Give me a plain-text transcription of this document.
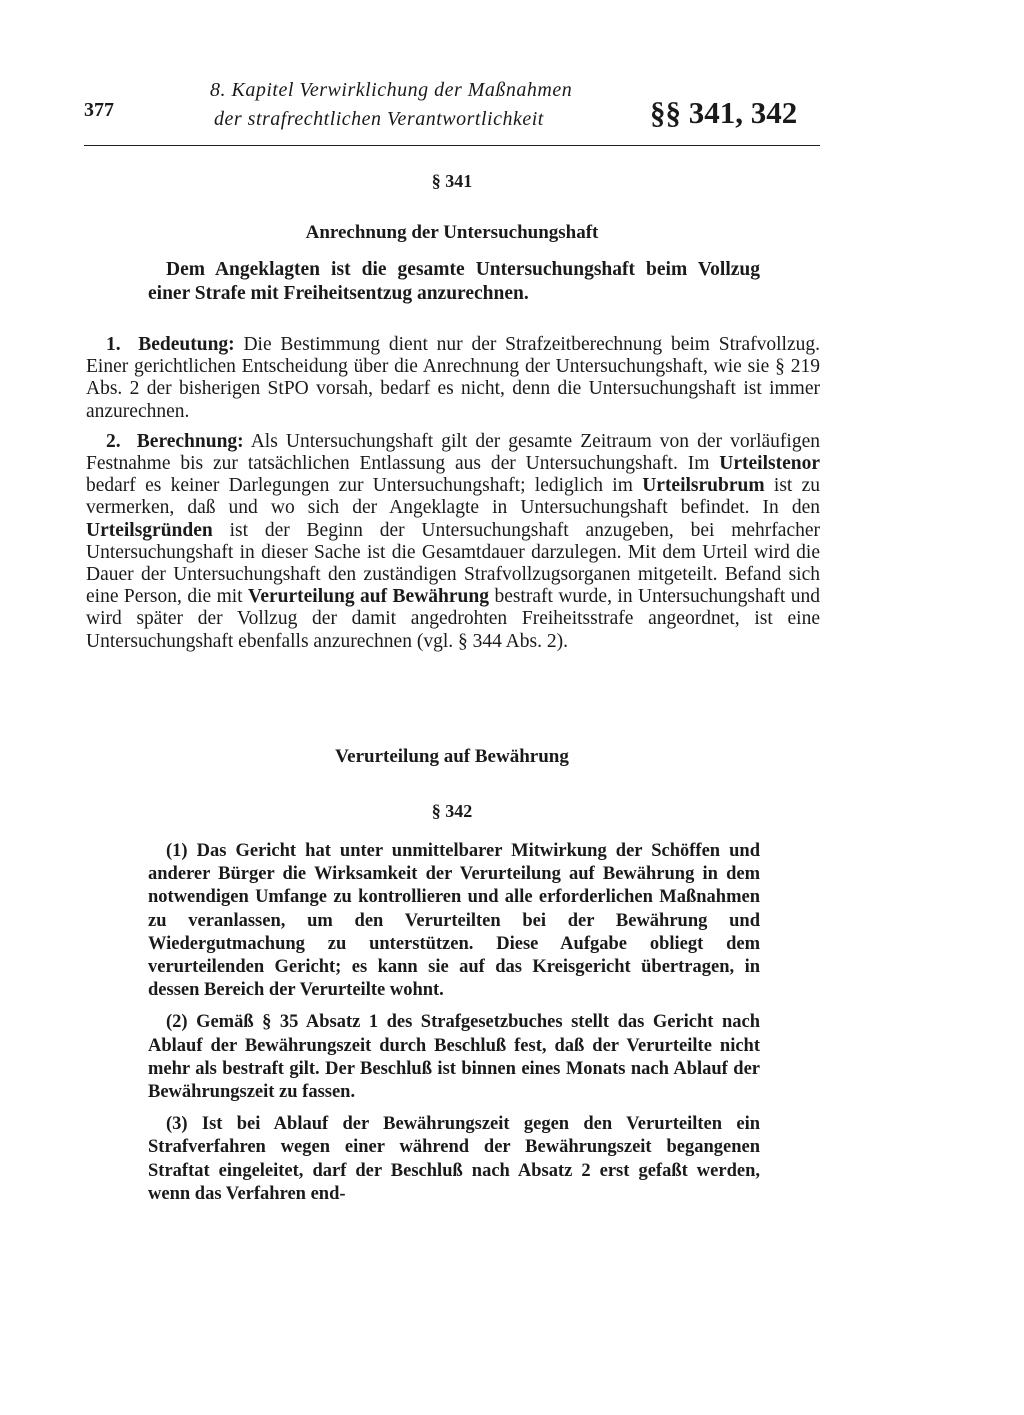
377
8. Kapitel Verwirklichung der Maßnahmen
der strafrechtlichen Verantwortlichkeit	§§ 341, 342
§ 341
Anrechnung der Untersuchungshaft

Dem Angeklagten ist die gesamte Untersuchungshaft beim Vollzug einer Strafe mit Freiheitsentzug anzurechnen.

1. Bedeutung: Die Bestimmung dient nur der Strafzeitberechnung beim Strafvollzug. Einer gerichtlichen Entscheidung über die Anrechnung der Untersuchungshaft, wie sie § 219 Abs. 2 der bisherigen StPO vorsah, bedarf es nicht, denn die Untersuchungshaft ist immer anzurechnen.

2. Berechnung: Als Untersuchungshaft gilt der gesamte Zeitraum von der vorläufigen Festnahme bis zur tatsächlichen Entlassung aus der Untersuchungshaft. Im Urteilstenor bedarf es keiner Darlegungen zur Untersuchungshaft; lediglich im Urteilsrubrum ist zu vermerken, daß und wo sich der Angeklagte in Untersuchungshaft befindet. In den Urteilsgründen ist der Beginn der Untersuchungshaft anzugeben, bei mehrfacher Untersuchungshaft in dieser Sache ist die Gesamtdauer darzulegen. Mit dem Urteil wird die Dauer der Untersuchungshaft den zuständigen Strafvollzugsorganen mitgeteilt. Befand sich eine Person, die mit Verurteilung auf Bewährung bestraft wurde, in Untersuchungshaft und wird später der Vollzug der damit angedrohten Freiheitsstrafe angeordnet, ist eine Untersuchungshaft ebenfalls anzurechnen (vgl. § 344 Abs. 2).

Verurteilung auf Bewährung
§ 342

(1) Das Gericht hat unter unmittelbarer Mitwirkung der Schöffen und anderer Bürger die Wirksamkeit der Verurteilung auf Bewährung in dem notwendigen Umfange zu kontrollieren und alle erforderlichen Maßnahmen zu veranlassen, um den Verurteilten bei der Bewährung und Wiedergutmachung zu unterstützen. Diese Aufgabe obliegt dem verurteilenden Gericht; es kann sie auf das Kreisgericht übertragen, in dessen Bereich der Verurteilte wohnt.

(2) Gemäß § 35 Absatz 1 des Strafgesetzbuches stellt das Gericht nach Ablauf der Bewährungszeit durch Beschluß fest, daß der Verurteilte nicht mehr als bestraft gilt. Der Beschluß ist binnen eines Monats nach Ablauf der Bewährungszeit zu fassen.

(3) Ist bei Ablauf der Bewährungszeit gegen den Verurteilten ein Strafverfahren wegen einer während der Bewährungszeit begangenen Straftat eingeleitet, darf der Beschluß nach Absatz 2 erst gefaßt werden, wenn das Verfahren end-
